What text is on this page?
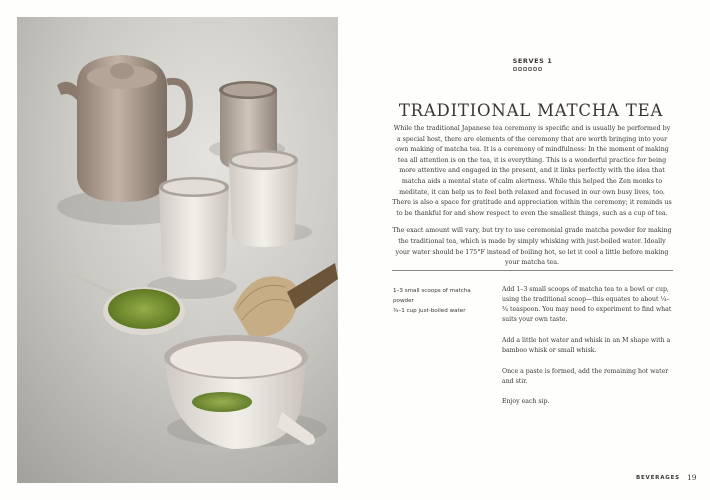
SERVES 1
TRADITIONAL MATCHA TEA

While the traditional Japanese tea ceremony is specific and is usually be performed by a special host, there are elements of the ceremony that are worth bringing into your own making of matcha tea. It is a ceremony of mindfulness: In the moment of making tea all attention is on the tea, it is everything. This is a wonderful practice for being more attentive and engaged in the present, and it links perfectly with the idea that matcha aids a mental state of calm alertness. While this helped the Zen monks to meditate, it can help us to feel both relaxed and focused in our own busy lives, too. There is also a space for gratitude and appreciation within the ceremony; it reminds us to be thankful for and show respect to even the smallest things, such as a cup of tea.

The exact amount will vary, but try to use ceremonial grade matcha powder for making the traditional tea, which is made by simply whisking with just-boiled water. Ideally your water should be 175°F instead of boiling hot, so let it cool a little before making your matcha tea.

1–3 small scoops of matcha powder
¾–1 cup just-boiled water

Add 1–3 small scoops of matcha tea to a bowl or cup, using the traditional scoop—this equates to about ¼–¾ teaspoon. You may need to experiment to find what suits your own taste.

Add a little hot water and whisk in an M shape with a bamboo whisk or small whisk.

Once a paste is formed, add the remaining hot water and stir.

Enjoy each sip.

BEVERAGES 19
